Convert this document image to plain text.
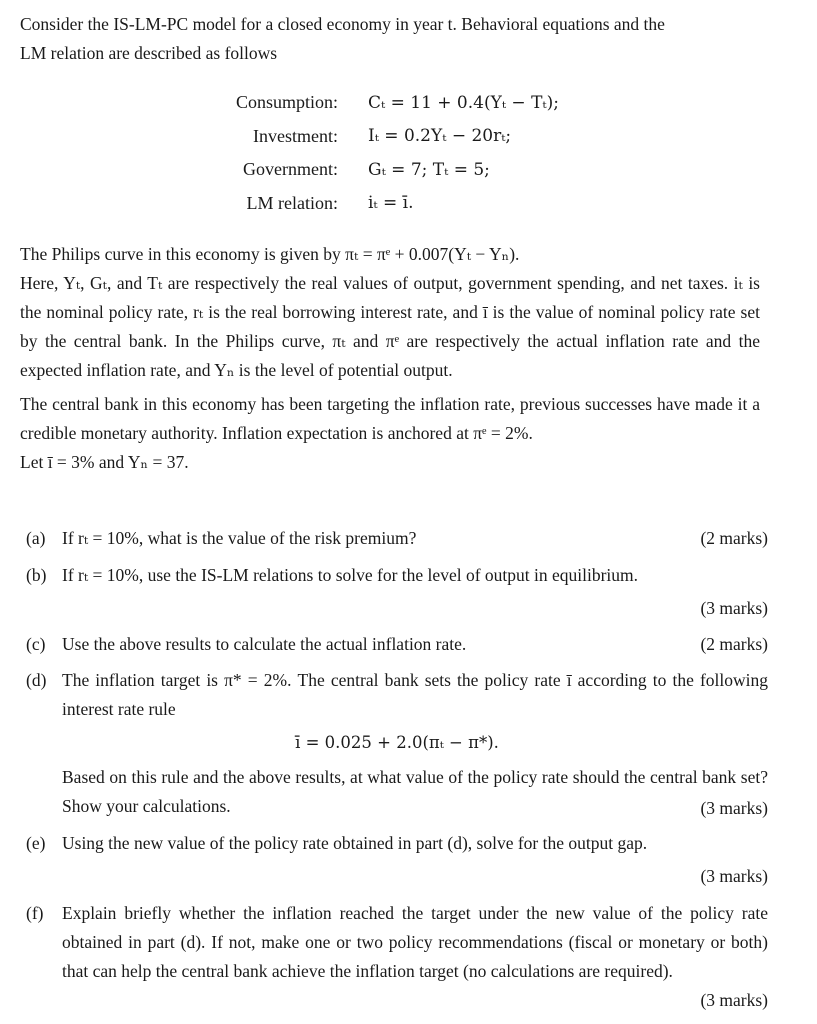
Consider the IS-LM-PC model for a closed economy in year t. Behavioral equations and the
LM relation are described as follows

Consumption:	Cₜ = 11 + 0.4(Yₜ − Tₜ);
Investment:	Iₜ = 0.2Yₜ − 20rₜ;
Government:	Gₜ = 7; Tₜ = 5;
LM relation:	iₜ = ī.

The Philips curve in this economy is given by πₜ = πᵉ + 0.007(Yₜ − Yₙ).
Here, Yₜ, Gₜ, and Tₜ are respectively the real values of output, government spending, and net taxes. iₜ is the nominal policy rate, rₜ is the real borrowing interest rate, and ī is the value of nominal policy rate set by the central bank. In the Philips curve, πₜ and πᵉ are respectively the actual inflation rate and the expected inflation rate, and Yₙ is the level of potential output.

The central bank in this economy has been targeting the inflation rate, previous successes have made it a credible monetary authority. Inflation expectation is anchored at πᵉ = 2%.
Let ī = 3% and Yₙ = 37.

(a) If rₜ = 10%, what is the value of the risk premium?	(2 marks)
(b) If rₜ = 10%, use the IS-LM relations to solve for the level of output in equilibrium.
(3 marks)
(c) Use the above results to calculate the actual inflation rate.	(2 marks)
(d) The inflation target is π* = 2%. The central bank sets the policy rate ī according to the following interest rate rule
ī = 0.025 + 2.0(πₜ − π*).
Based on this rule and the above results, at what value of the policy rate should the central bank set? Show your calculations.	(3 marks)
(e) Using the new value of the policy rate obtained in part (d), solve for the output gap.
(3 marks)
(f) Explain briefly whether the inflation reached the target under the new value of the policy rate obtained in part (d). If not, make one or two policy recommendations (fiscal or monetary or both) that can help the central bank achieve the inflation target (no calculations are required).
(3 marks)
